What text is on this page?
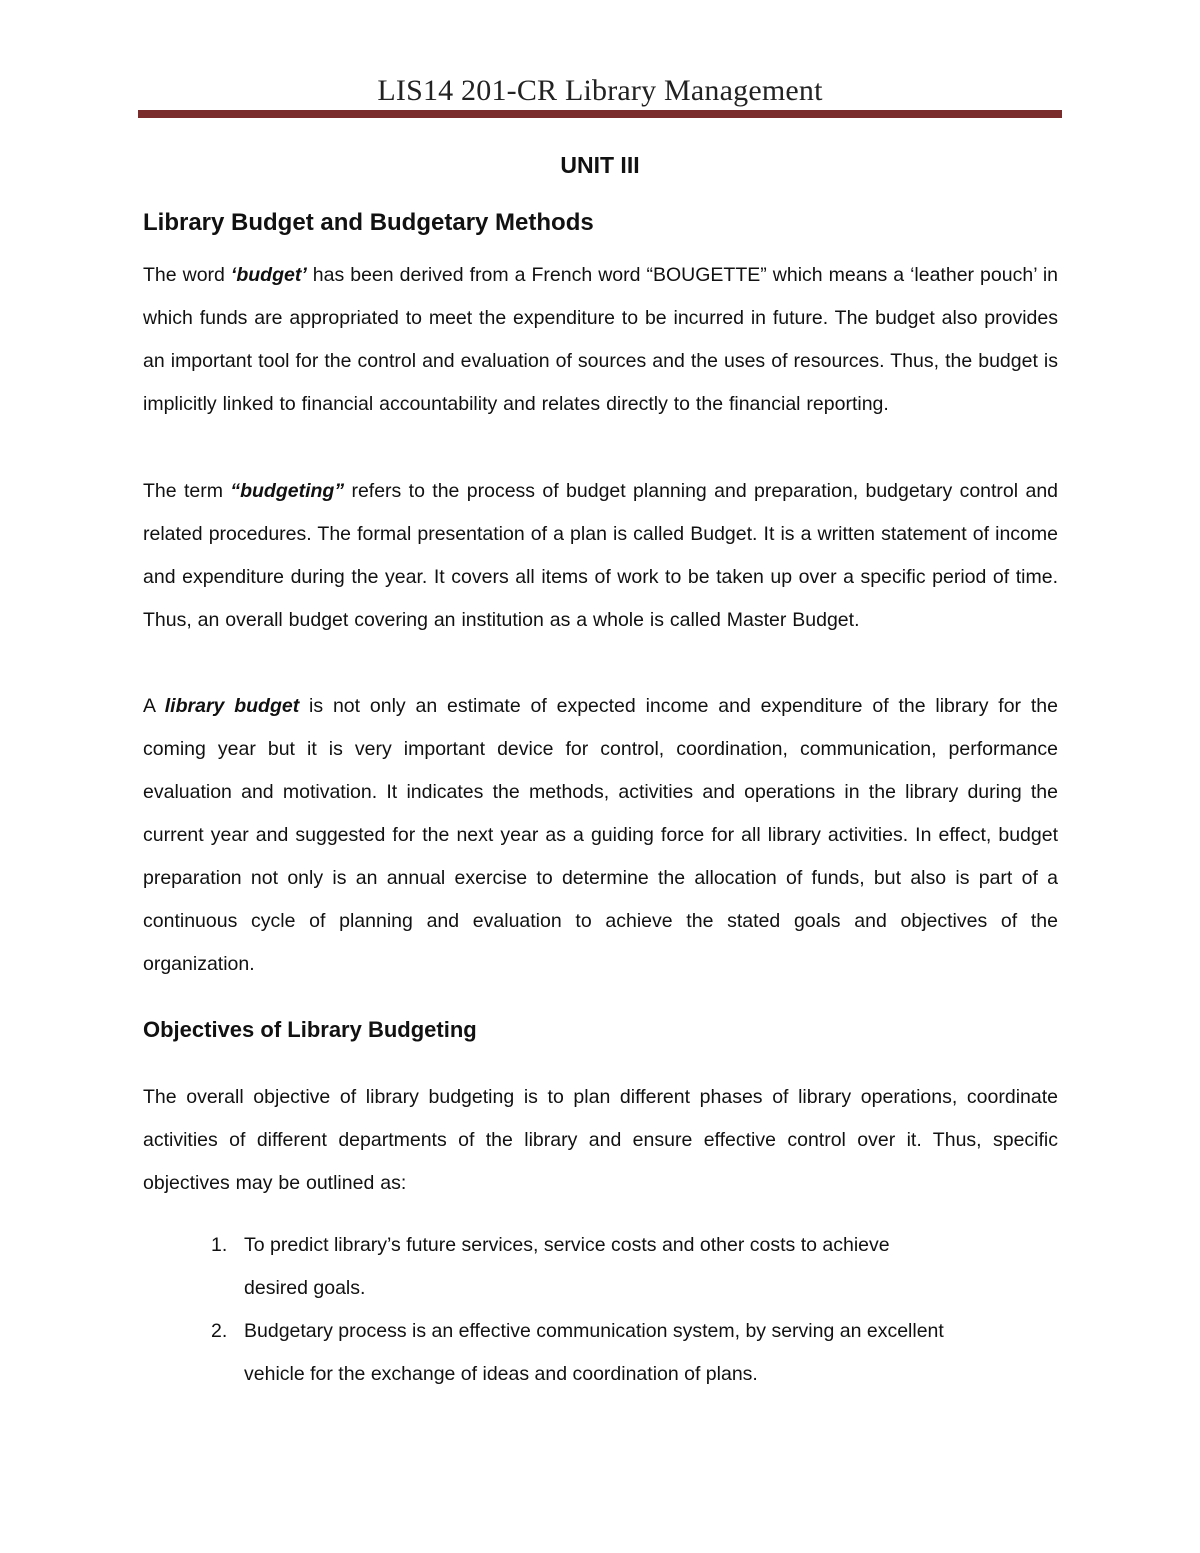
LIS14 201-CR Library Management
UNIT III
Library Budget and Budgetary Methods

The word ‘budget’ has been derived from a French word “BOUGETTE” which means a ‘leather pouch’ in which funds are appropriated to meet the expenditure to be incurred in future. The budget also provides an important tool for the control and evaluation of sources and the uses of resources. Thus, the budget is implicitly linked to financial accountability and relates directly to the financial reporting.

The term “budgeting” refers to the process of budget planning and preparation, budgetary control and related procedures. The formal presentation of a plan is called Budget. It is a written statement of income and expenditure during the year. It covers all items of work to be taken up over a specific period of time. Thus, an overall budget covering an institution as a whole is called Master Budget.

A library budget is not only an estimate of expected income and expenditure of the library for the coming year but it is very important device for control, coordination, communication, performance evaluation and motivation. It indicates the methods, activities and operations in the library during the current year and suggested for the next year as a guiding force for all library activities. In effect, budget preparation not only is an annual exercise to determine the allocation of funds, but also is part of a continuous cycle of planning and evaluation to achieve the stated goals and objectives of the organization.

Objectives of Library Budgeting

The overall objective of library budgeting is to plan different phases of library operations, coordinate activities of different departments of the library and ensure effective control over it. Thus, specific objectives may be outlined as:

1. To predict library’s future services, service costs and other costs to achieve desired goals.
2. Budgetary process is an effective communication system, by serving an excellent vehicle for the exchange of ideas and coordination of plans.
